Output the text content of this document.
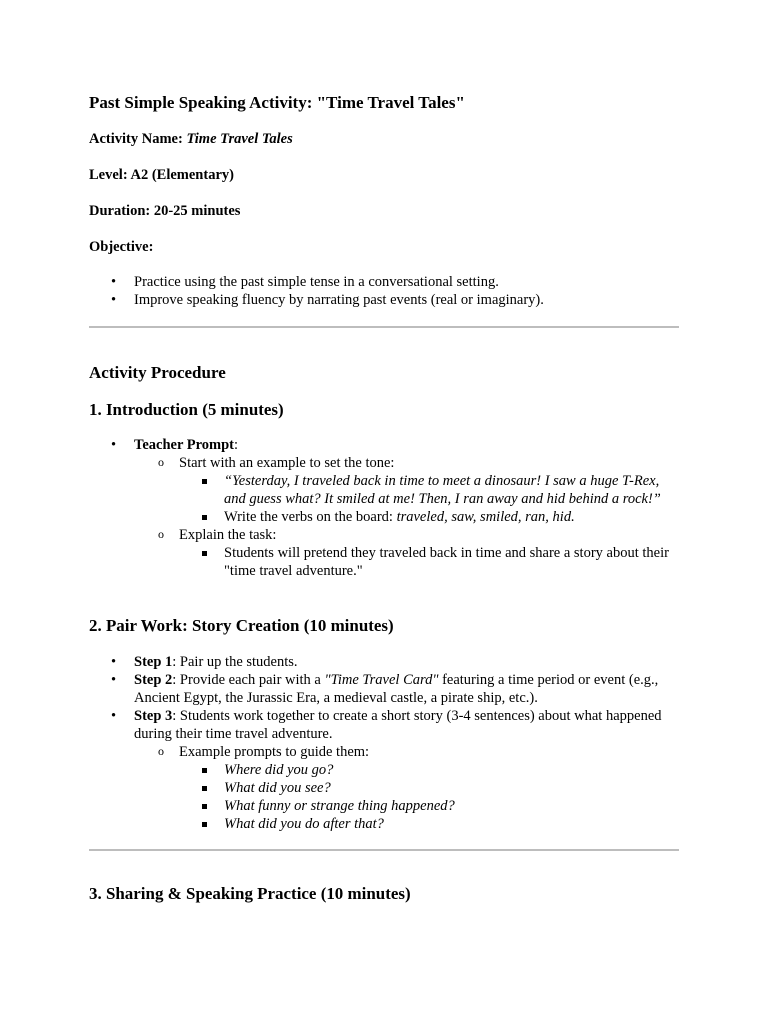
Past Simple Speaking Activity: "Time Travel Tales"

Activity Name: Time Travel Tales

Level: A2 (Elementary)

Duration: 20-25 minutes

Objective:

• Practice using the past simple tense in a conversational setting.
• Improve speaking fluency by narrating past events (real or imaginary).
Activity Procedure
1. Introduction (5 minutes)
• Teacher Prompt:
o Start with an example to set the tone:
“Yesterday, I traveled back in time to meet a dinosaur! I saw a huge T-Rex, and guess what? It smiled at me! Then, I ran away and hid behind a rock!”
Write the verbs on the board: traveled, saw, smiled, ran, hid.
o Explain the task:
Students will pretend they traveled back in time and share a story about their "time travel adventure."
2. Pair Work: Story Creation (10 minutes)
• Step 1: Pair up the students.
• Step 2: Provide each pair with a "Time Travel Card" featuring a time period or event (e.g., Ancient Egypt, the Jurassic Era, a medieval castle, a pirate ship, etc.).
• Step 3: Students work together to create a short story (3-4 sentences) about what happened during their time travel adventure.
o Example prompts to guide them:
Where did you go?
What did you see?
What funny or strange thing happened?
What did you do after that?
3. Sharing & Speaking Practice (10 minutes)
